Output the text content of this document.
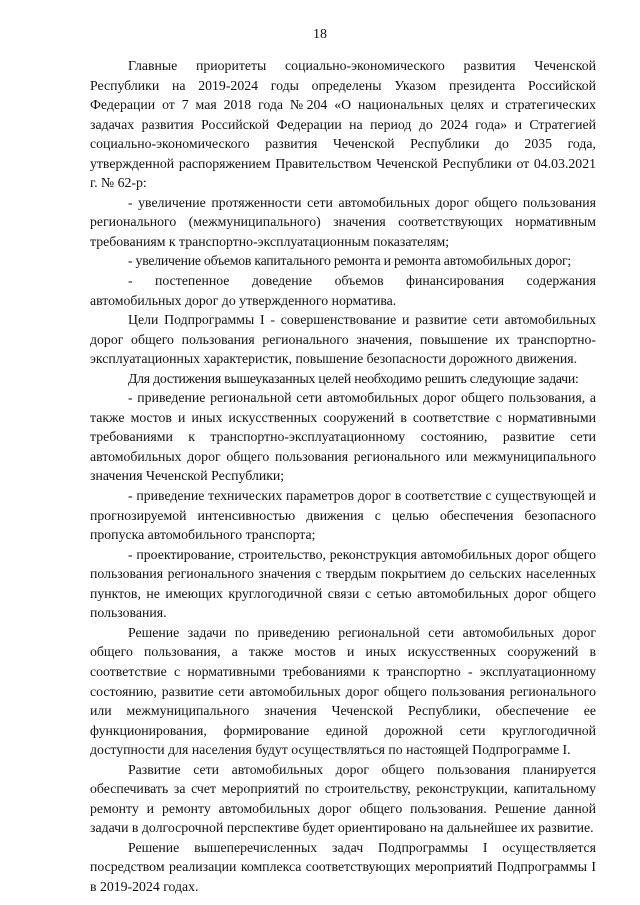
18

Главные приоритеты социально-экономического развития Чеченской Республики на 2019-2024 годы определены Указом президента Российской Федерации от 7 мая 2018 года №204 «О национальных целях и стратегических задачах развития Российской Федерации на период до 2024 года» и Стратегией социально-экономического развития Чеченской Республики до 2035 года, утвержденной распоряжением Правительством Чеченской Республики от 04.03.2021 г. № 62-р:

- увеличение протяженности сети автомобильных дорог общего пользования регионального (межмуниципального) значения соответствующих нормативным требованиям к транспортно-эксплуатационным показателям;

- увеличение объемов капитального ремонта и ремонта автомобильных дорог;

- постепенное доведение объемов финансирования содержания автомобильных дорог до утвержденного норматива.

Цели Подпрограммы I - совершенствование и развитие сети автомобильных дорог общего пользования регионального значения, повышение их транспортно-эксплуатационных характеристик, повышение безопасности дорожного движения.

Для достижения вышеуказанных целей необходимо решить следующие задачи:

- приведение региональной сети автомобильных дорог общего пользования, а также мостов и иных искусственных сооружений в соответствие с нормативными требованиями к транспортно-эксплуатационному состоянию, развитие сети автомобильных дорог общего пользования регионального или межмуниципального значения Чеченской Республики;

- приведение технических параметров дорог в соответствие с существующей и прогнозируемой интенсивностью движения с целью обеспечения безопасного пропуска автомобильного транспорта;

- проектирование, строительство, реконструкция автомобильных дорог общего пользования регионального значения с твердым покрытием до сельских населенных пунктов, не имеющих круглогодичной связи с сетью автомобильных дорог общего пользования.

Решение задачи по приведению региональной сети автомобильных дорог общего пользования, а также мостов и иных искусственных сооружений в соответствие с нормативными требованиями к транспортно - эксплуатационному состоянию, развитие сети автомобильных дорог общего пользования регионального или межмуниципального значения Чеченской Республики, обеспечение ее функционирования, формирование единой дорожной сети круглогодичной доступности для населения будут осуществляться по настоящей Подпрограмме I.

Развитие сети автомобильных дорог общего пользования планируется обеспечивать за счет мероприятий по строительству, реконструкции, капитальному ремонту и ремонту автомобильных дорог общего пользования. Решение данной задачи в долгосрочной перспективе будет ориентировано на дальнейшее их развитие.

Решение вышеперечисленных задач Подпрограммы I осуществляется посредством реализации комплекса соответствующих мероприятий Подпрограммы I в 2019-2024 годах.
